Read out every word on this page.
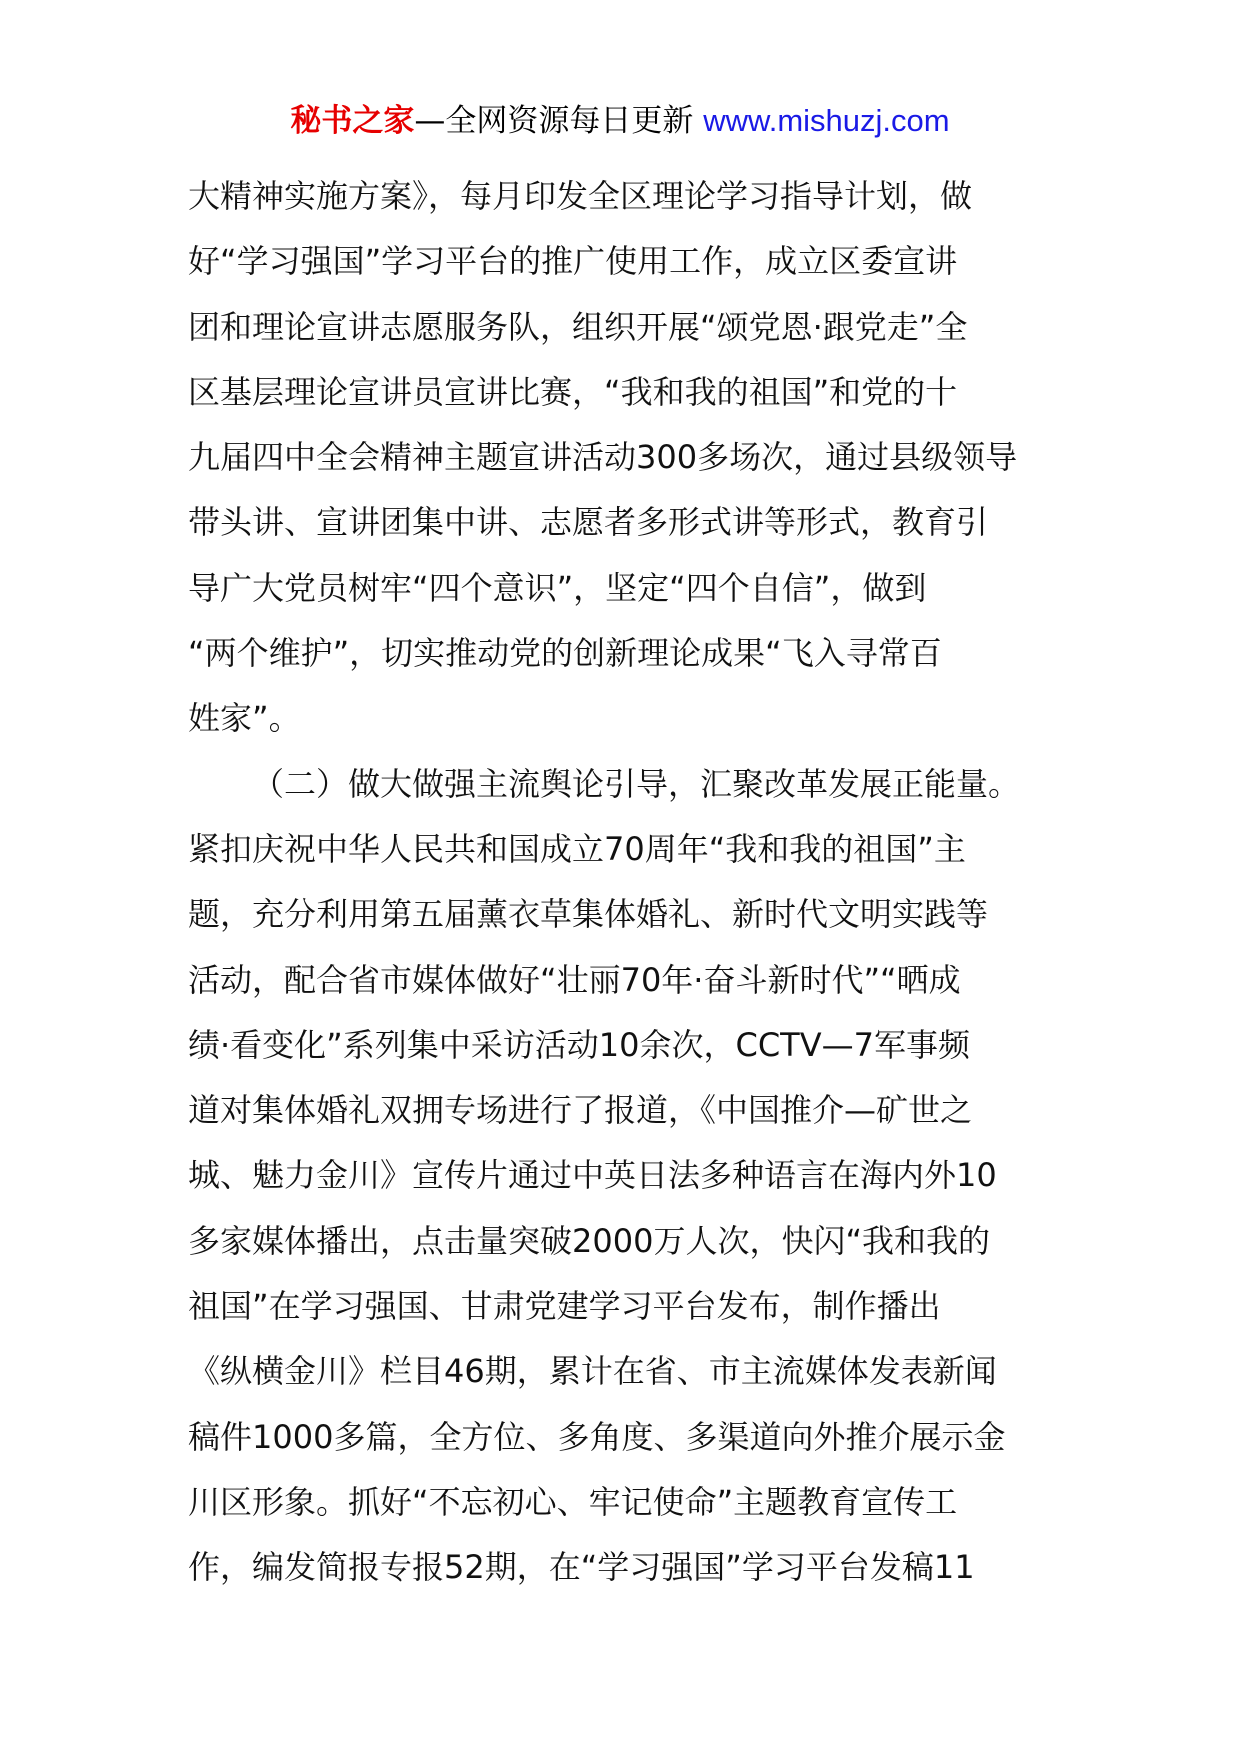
秘书之家—全网资源每日更新 www.mishuzj.com
大精神实施方案》，每月印发全区理论学习指导计划，做
好“学习强国”学习平台的推广使用工作，成立区委宣讲
团和理论宣讲志愿服务队，组织开展“颂党恩·跟党走”全
区基层理论宣讲员宣讲比赛，“我和我的祖国”和党的十
九届四中全会精神主题宣讲活动300多场次，通过县级领导
带头讲、宣讲团集中讲、志愿者多形式讲等形式，教育引
导广大党员树牢“四个意识”，坚定“四个自信”，做到
“两个维护”，切实推动党的创新理论成果“飞入寻常百
姓家”。
（二）做大做强主流舆论引导，汇聚改革发展正能量。
紧扣庆祝中华人民共和国成立70周年“我和我的祖国”主
题，充分利用第五届薰衣草集体婚礼、新时代文明实践等
活动，配合省市媒体做好“壮丽70年·奋斗新时代”“晒成
绩·看变化”系列集中采访活动10余次，CCTV—7军事频
道对集体婚礼双拥专场进行了报道，《中国推介—矿世之
城、魅力金川》宣传片通过中英日法多种语言在海内外10
多家媒体播出，点击量突破2000万人次，快闪“我和我的
祖国”在学习强国、甘肃党建学习平台发布，制作播出
《纵横金川》栏目46期，累计在省、市主流媒体发表新闻
稿件1000多篇，全方位、多角度、多渠道向外推介展示金
川区形象。抓好“不忘初心、牢记使命”主题教育宣传工
作，编发简报专报52期，在“学习强国”学习平台发稿11
